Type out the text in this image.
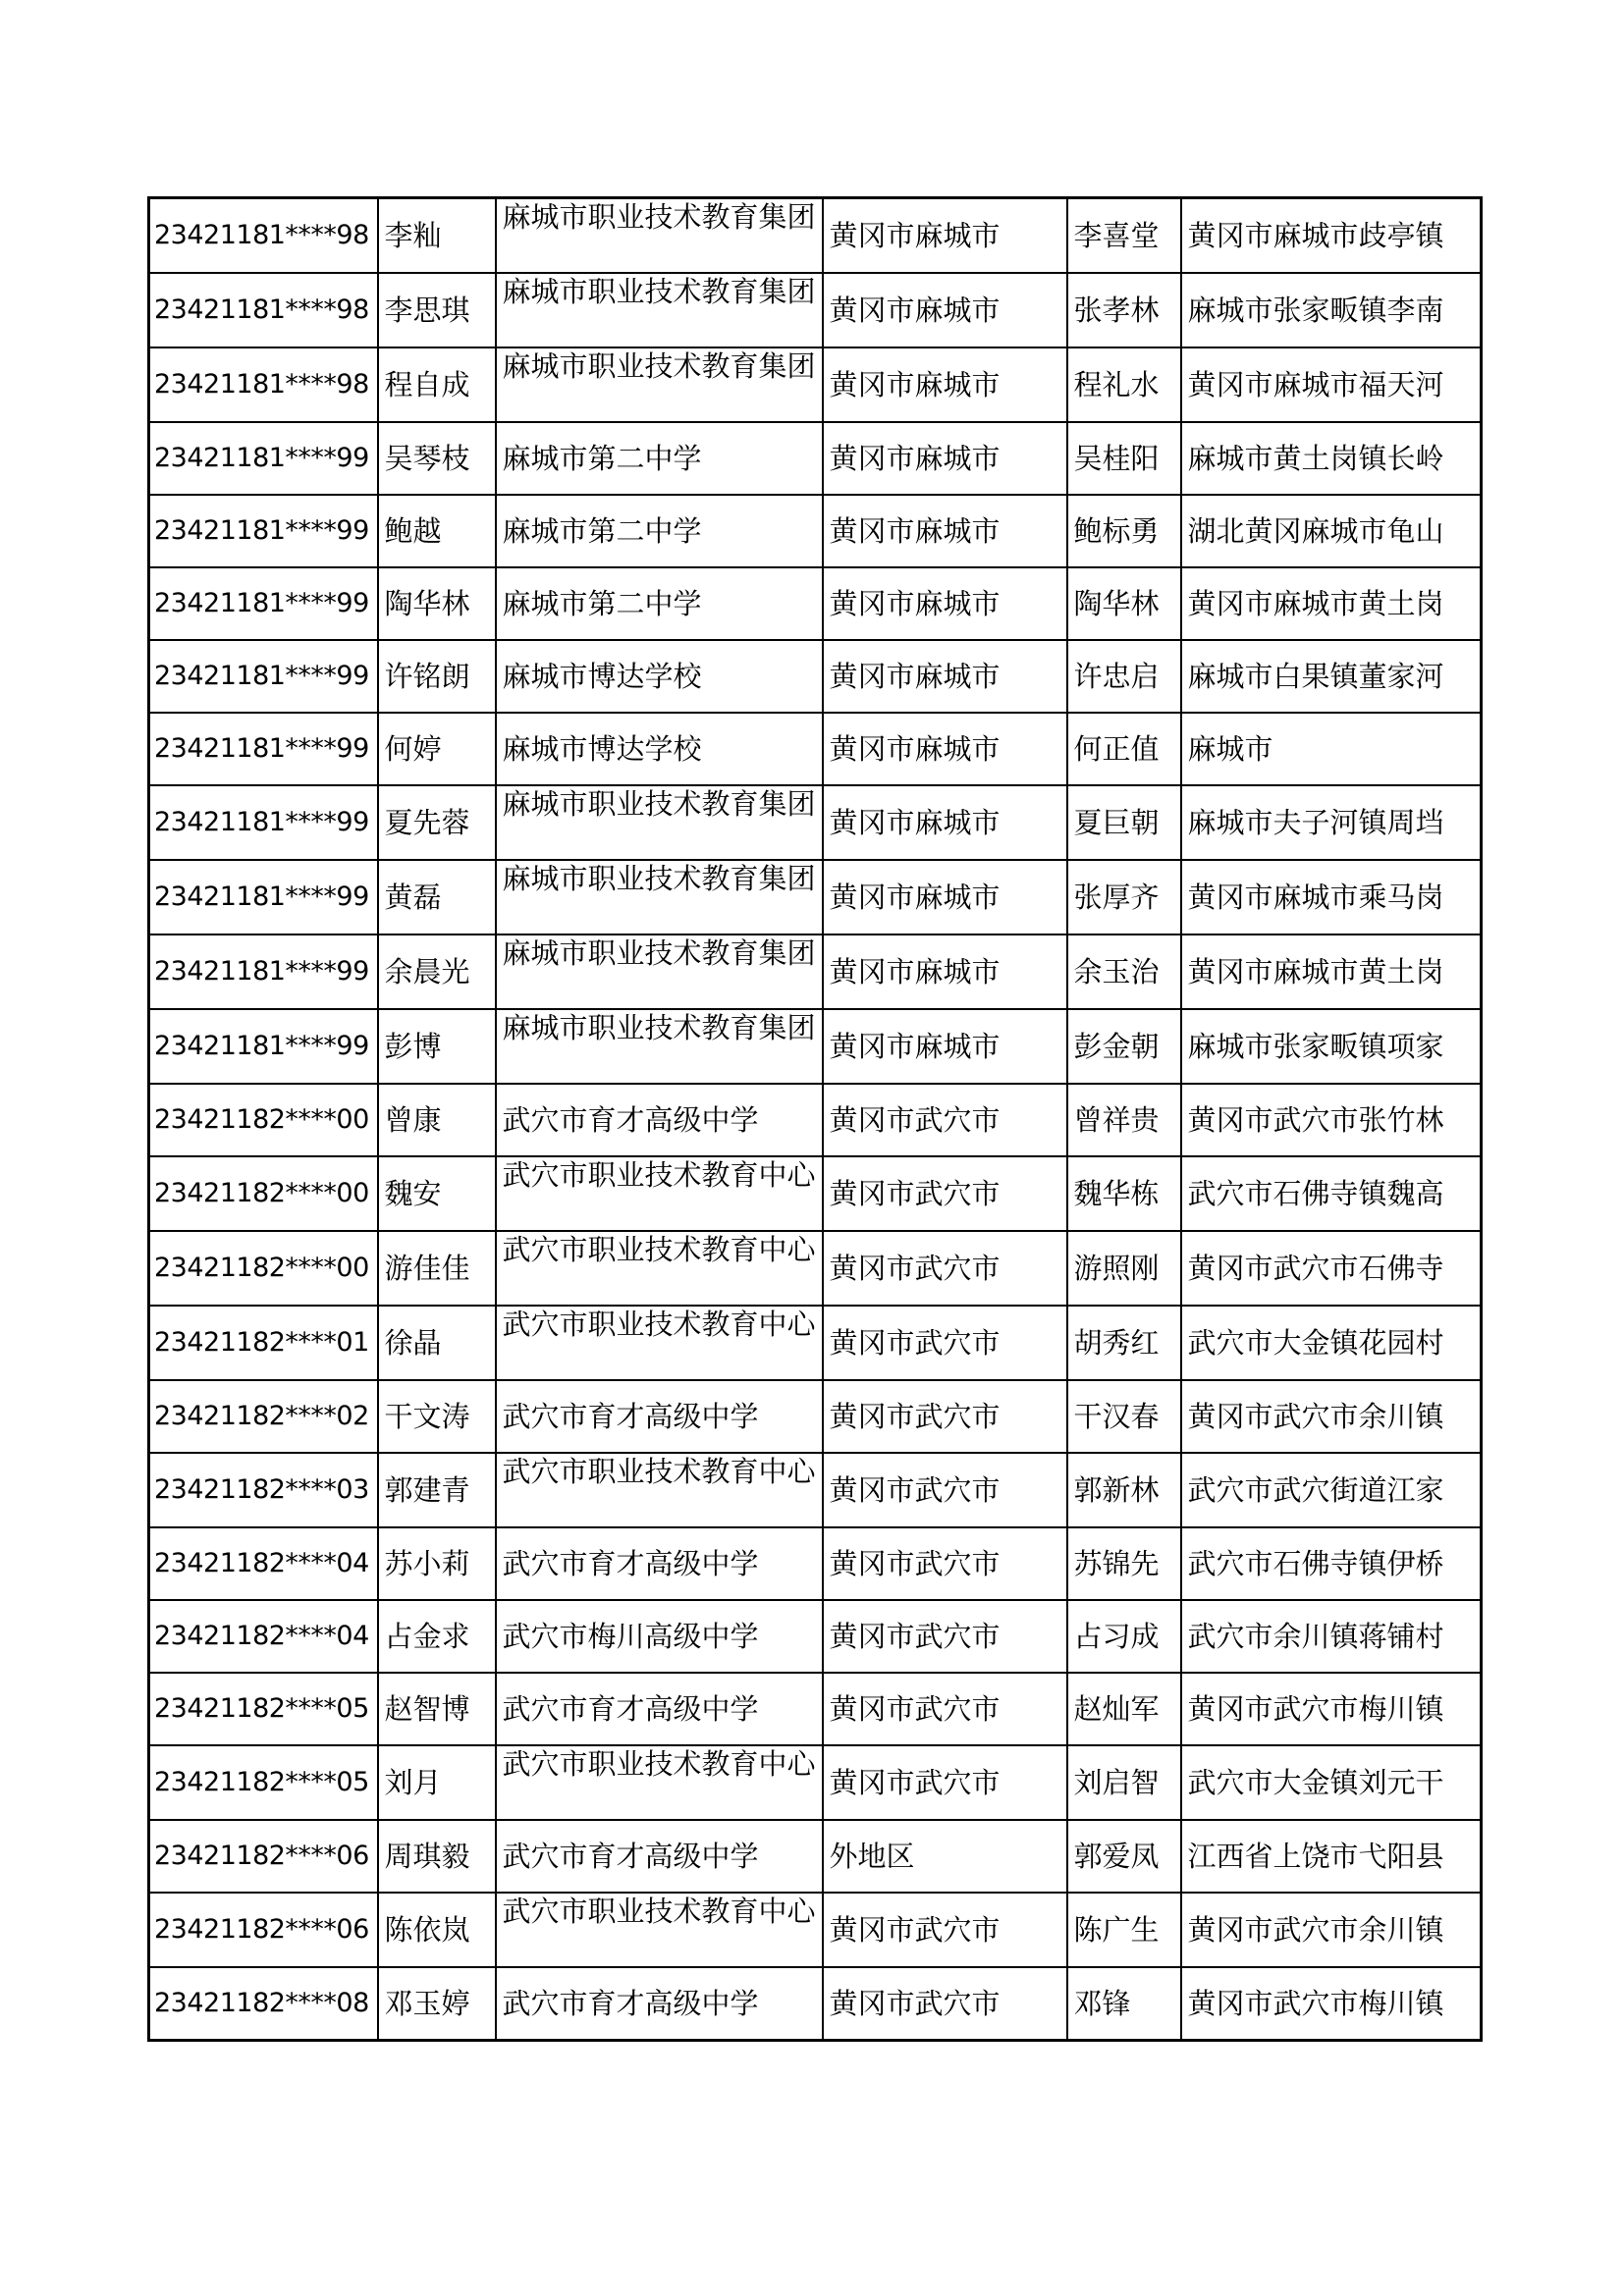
23421181****98	李籼	麻城市职业技术教育集团	黄冈市麻城市	李喜堂	黄冈市麻城市歧亭镇
23421181****98	李思琪	麻城市职业技术教育集团	黄冈市麻城市	张孝林	麻城市张家畈镇李南
23421181****98	程自成	麻城市职业技术教育集团	黄冈市麻城市	程礼水	黄冈市麻城市福天河
23421181****99	吴琴枝	麻城市第二中学	黄冈市麻城市	吴桂阳	麻城市黄土岗镇长岭
23421181****99	鲍越	麻城市第二中学	黄冈市麻城市	鲍标勇	湖北黄冈麻城市龟山
23421181****99	陶华林	麻城市第二中学	黄冈市麻城市	陶华林	黄冈市麻城市黄土岗
23421181****99	许铭朗	麻城市博达学校	黄冈市麻城市	许忠启	麻城市白果镇董家河
23421181****99	何婷	麻城市博达学校	黄冈市麻城市	何正值	麻城市
23421181****99	夏先蓉	麻城市职业技术教育集团	黄冈市麻城市	夏巨朝	麻城市夫子河镇周垱
23421181****99	黄磊	麻城市职业技术教育集团	黄冈市麻城市	张厚齐	黄冈市麻城市乘马岗
23421181****99	余晨光	麻城市职业技术教育集团	黄冈市麻城市	余玉治	黄冈市麻城市黄土岗
23421181****99	彭博	麻城市职业技术教育集团	黄冈市麻城市	彭金朝	麻城市张家畈镇项家
23421182****00	曾康	武穴市育才高级中学	黄冈市武穴市	曾祥贵	黄冈市武穴市张竹林
23421182****00	魏安	武穴市职业技术教育中心	黄冈市武穴市	魏华栋	武穴市石佛寺镇魏高
23421182****00	游佳佳	武穴市职业技术教育中心	黄冈市武穴市	游照刚	黄冈市武穴市石佛寺
23421182****01	徐晶	武穴市职业技术教育中心	黄冈市武穴市	胡秀红	武穴市大金镇花园村
23421182****02	干文涛	武穴市育才高级中学	黄冈市武穴市	干汉春	黄冈市武穴市余川镇
23421182****03	郭建青	武穴市职业技术教育中心	黄冈市武穴市	郭新林	武穴市武穴街道江家
23421182****04	苏小莉	武穴市育才高级中学	黄冈市武穴市	苏锦先	武穴市石佛寺镇伊桥
23421182****04	占金求	武穴市梅川高级中学	黄冈市武穴市	占习成	武穴市余川镇蒋铺村
23421182****05	赵智博	武穴市育才高级中学	黄冈市武穴市	赵灿军	黄冈市武穴市梅川镇
23421182****05	刘月	武穴市职业技术教育中心	黄冈市武穴市	刘启智	武穴市大金镇刘元干
23421182****06	周琪毅	武穴市育才高级中学	外地区	郭爱凤	江西省上饶市弋阳县
23421182****06	陈依岚	武穴市职业技术教育中心	黄冈市武穴市	陈广生	黄冈市武穴市余川镇
23421182****08	邓玉婷	武穴市育才高级中学	黄冈市武穴市	邓锋	黄冈市武穴市梅川镇
